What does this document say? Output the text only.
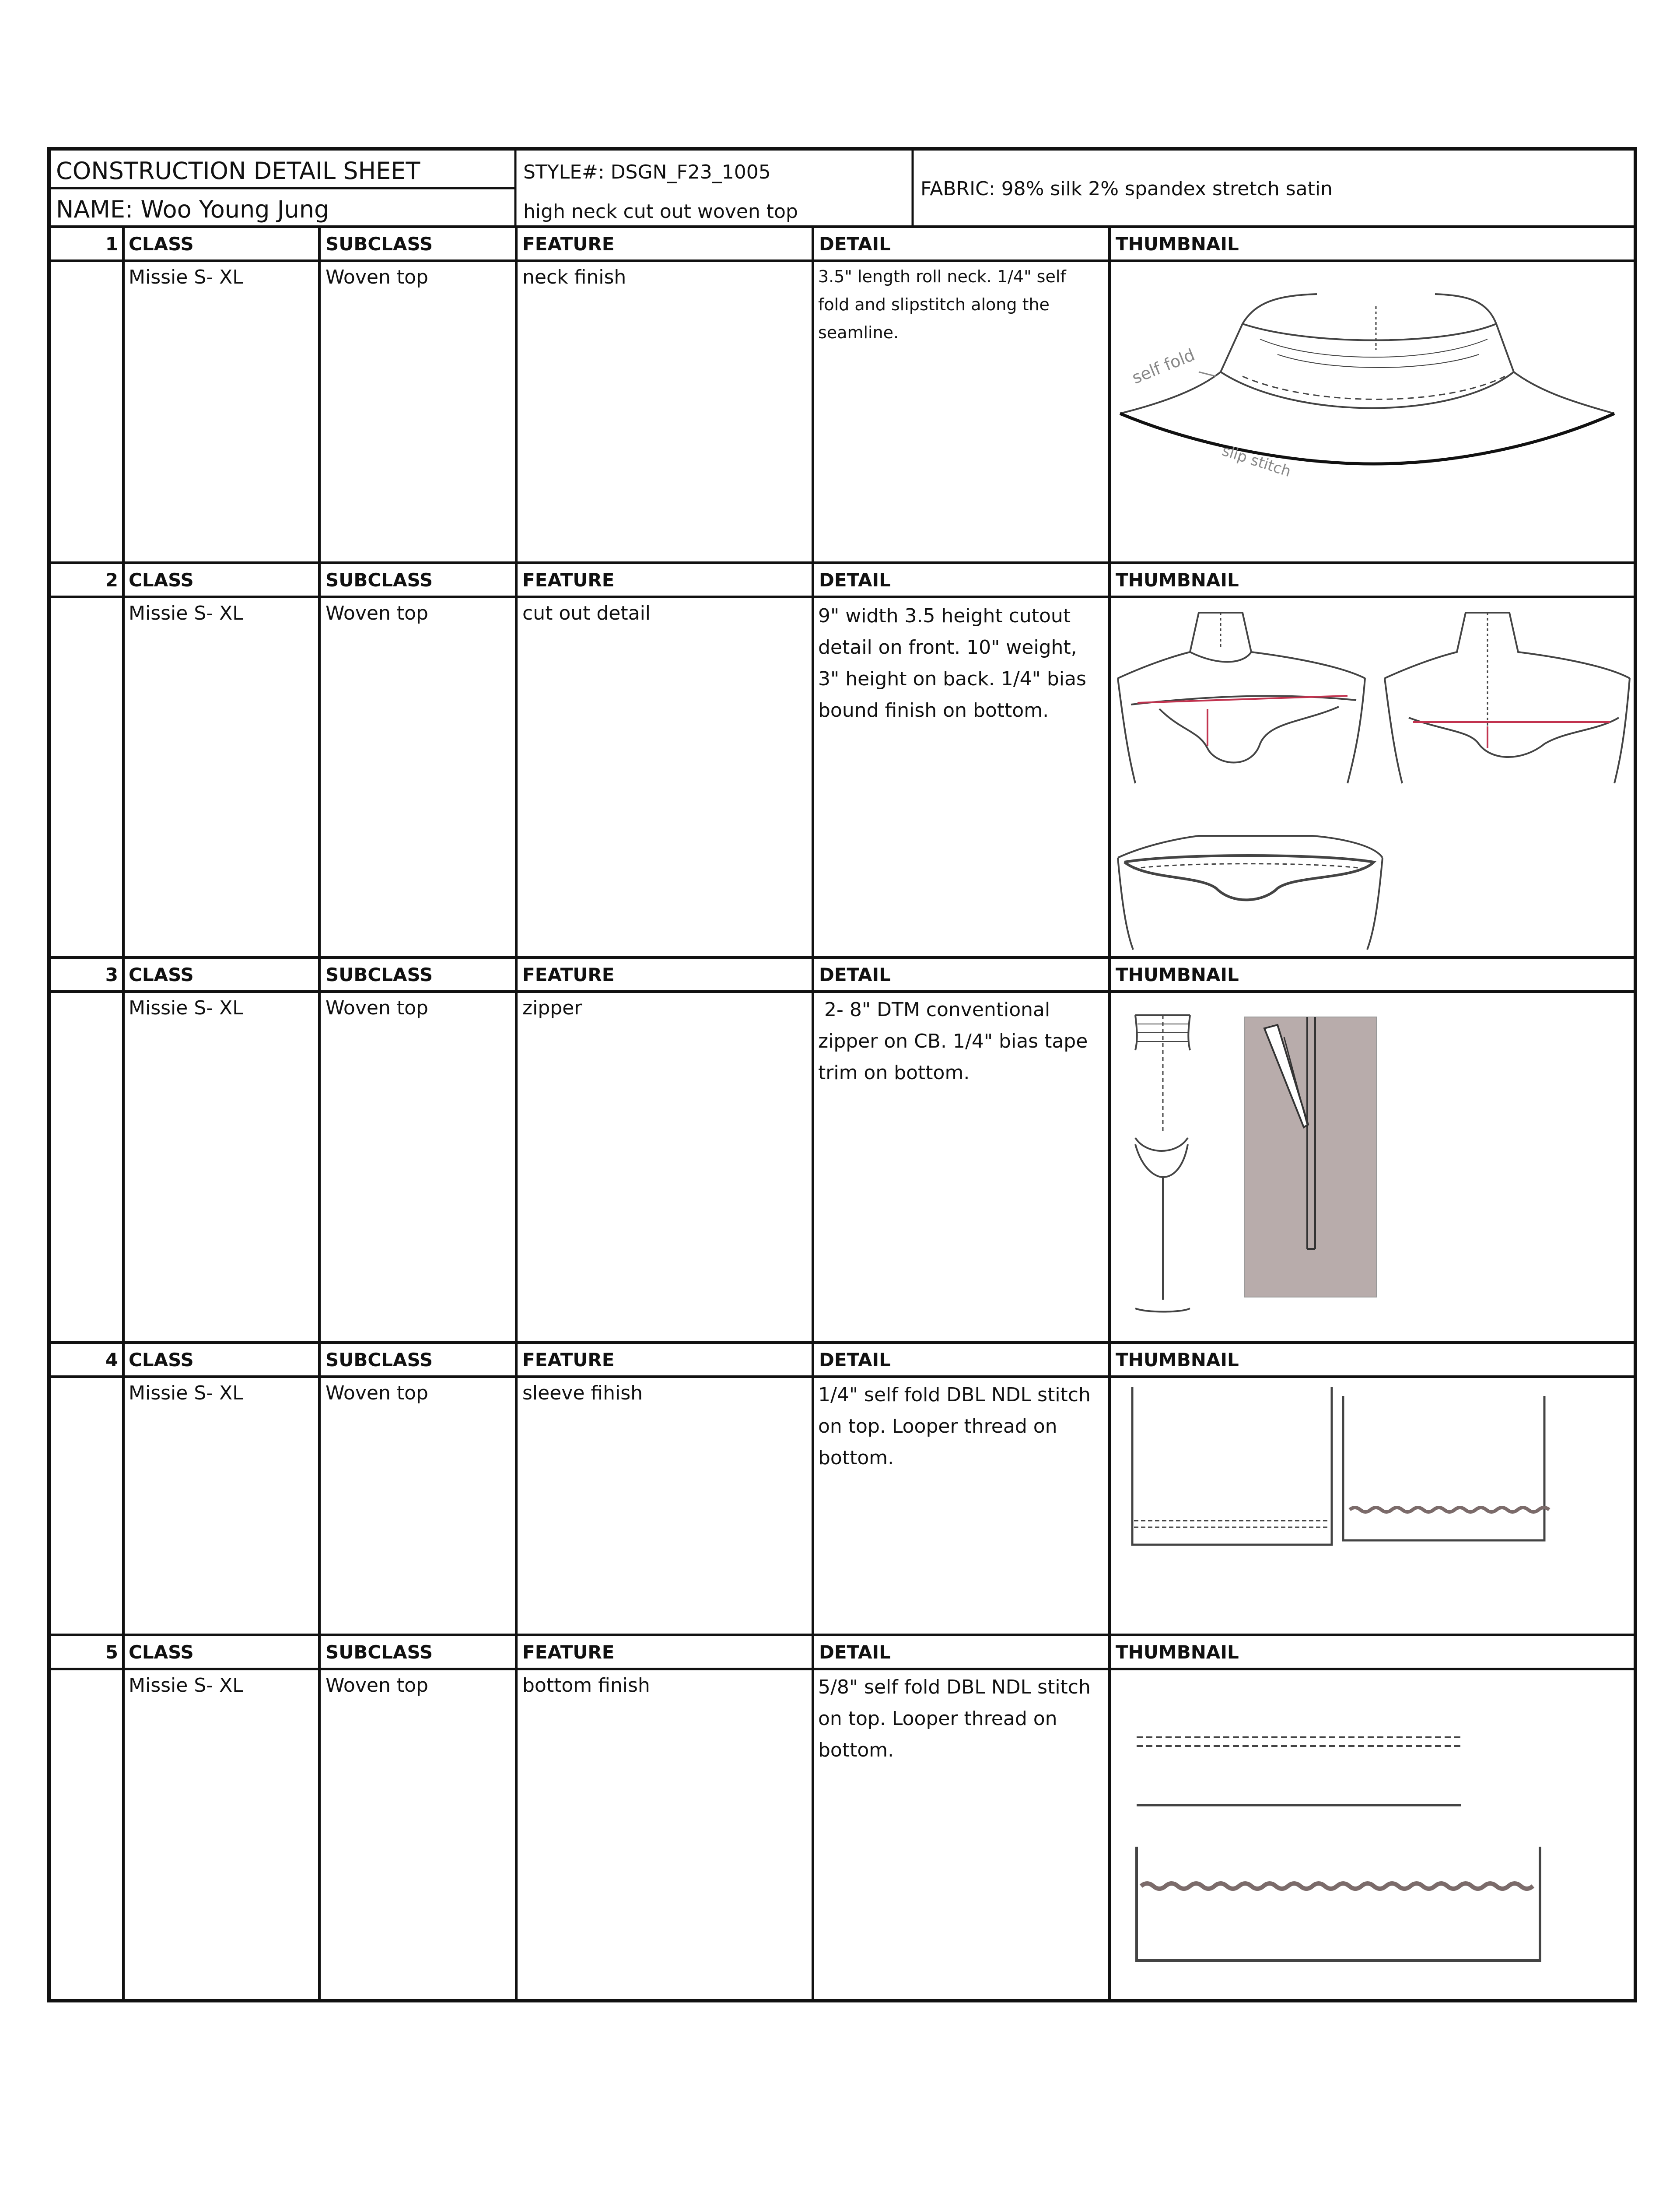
CONSTRUCTION DETAIL SHEET
NAME: Woo Young Jung
STYLE#: DSGN_F23_1005
high neck cut out woven top
FABRIC: 98% silk 2% spandex stretch satin
1 CLASS	SUBCLASS	FEATURE	DETAIL	THUMBNAIL
Missie S- XL	Woven top	neck finish	3.5" length roll neck. 1/4" self fold and slipstitch along the seamline.
self fold
slip stitch
2 CLASS	SUBCLASS	FEATURE	DETAIL	THUMBNAIL
Missie S- XL	Woven top	cut out detail	9" width 3.5 height cutout detail on front. 10" weight, 3" height on back. 1/4" bias bound finish on bottom.
3 CLASS	SUBCLASS	FEATURE	DETAIL	THUMBNAIL
Missie S- XL	Woven top	zipper	2- 8" DTM conventional zipper on CB. 1/4" bias tape trim on bottom.
4 CLASS	SUBCLASS	FEATURE	DETAIL	THUMBNAIL
Missie S- XL	Woven top	sleeve fihish	1/4" self fold DBL NDL stitch on top. Looper thread on bottom.
5 CLASS	SUBCLASS	FEATURE	DETAIL	THUMBNAIL
Missie S- XL	Woven top	bottom finish	5/8" self fold DBL NDL stitch on top. Looper thread on bottom.
